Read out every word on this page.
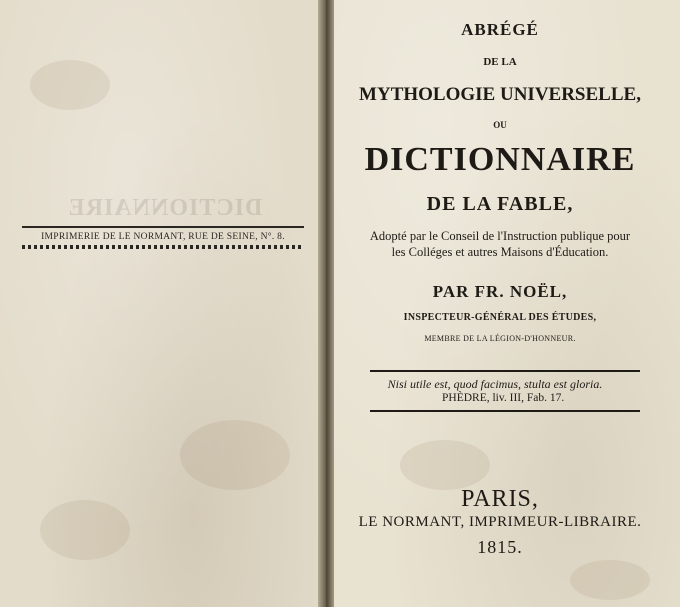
DICTIONNAIRE
IMPRIMERIE DE LE NORMANT, RUE DE SEINE, N°. 8.
ABRÉGÉ
DE LA
MYTHOLOGIE UNIVERSELLE,
OU
DICTIONNAIRE
DE LA FABLE,
Adopté par le Conseil de l'Instruction publique pour
les Colléges et autres Maisons d'Éducation.
PAR FR. NOËL,
INSPECTEUR-GÉNÉRAL DES ÉTUDES,
MEMBRE DE LA LÉGION-D'HONNEUR.
Nisi utile est, quod facimus, stulta est gloria.
PHÈDRE, liv. III, Fab. 17.
PARIS,
LE NORMANT, IMPRIMEUR-LIBRAIRE.
1815.
